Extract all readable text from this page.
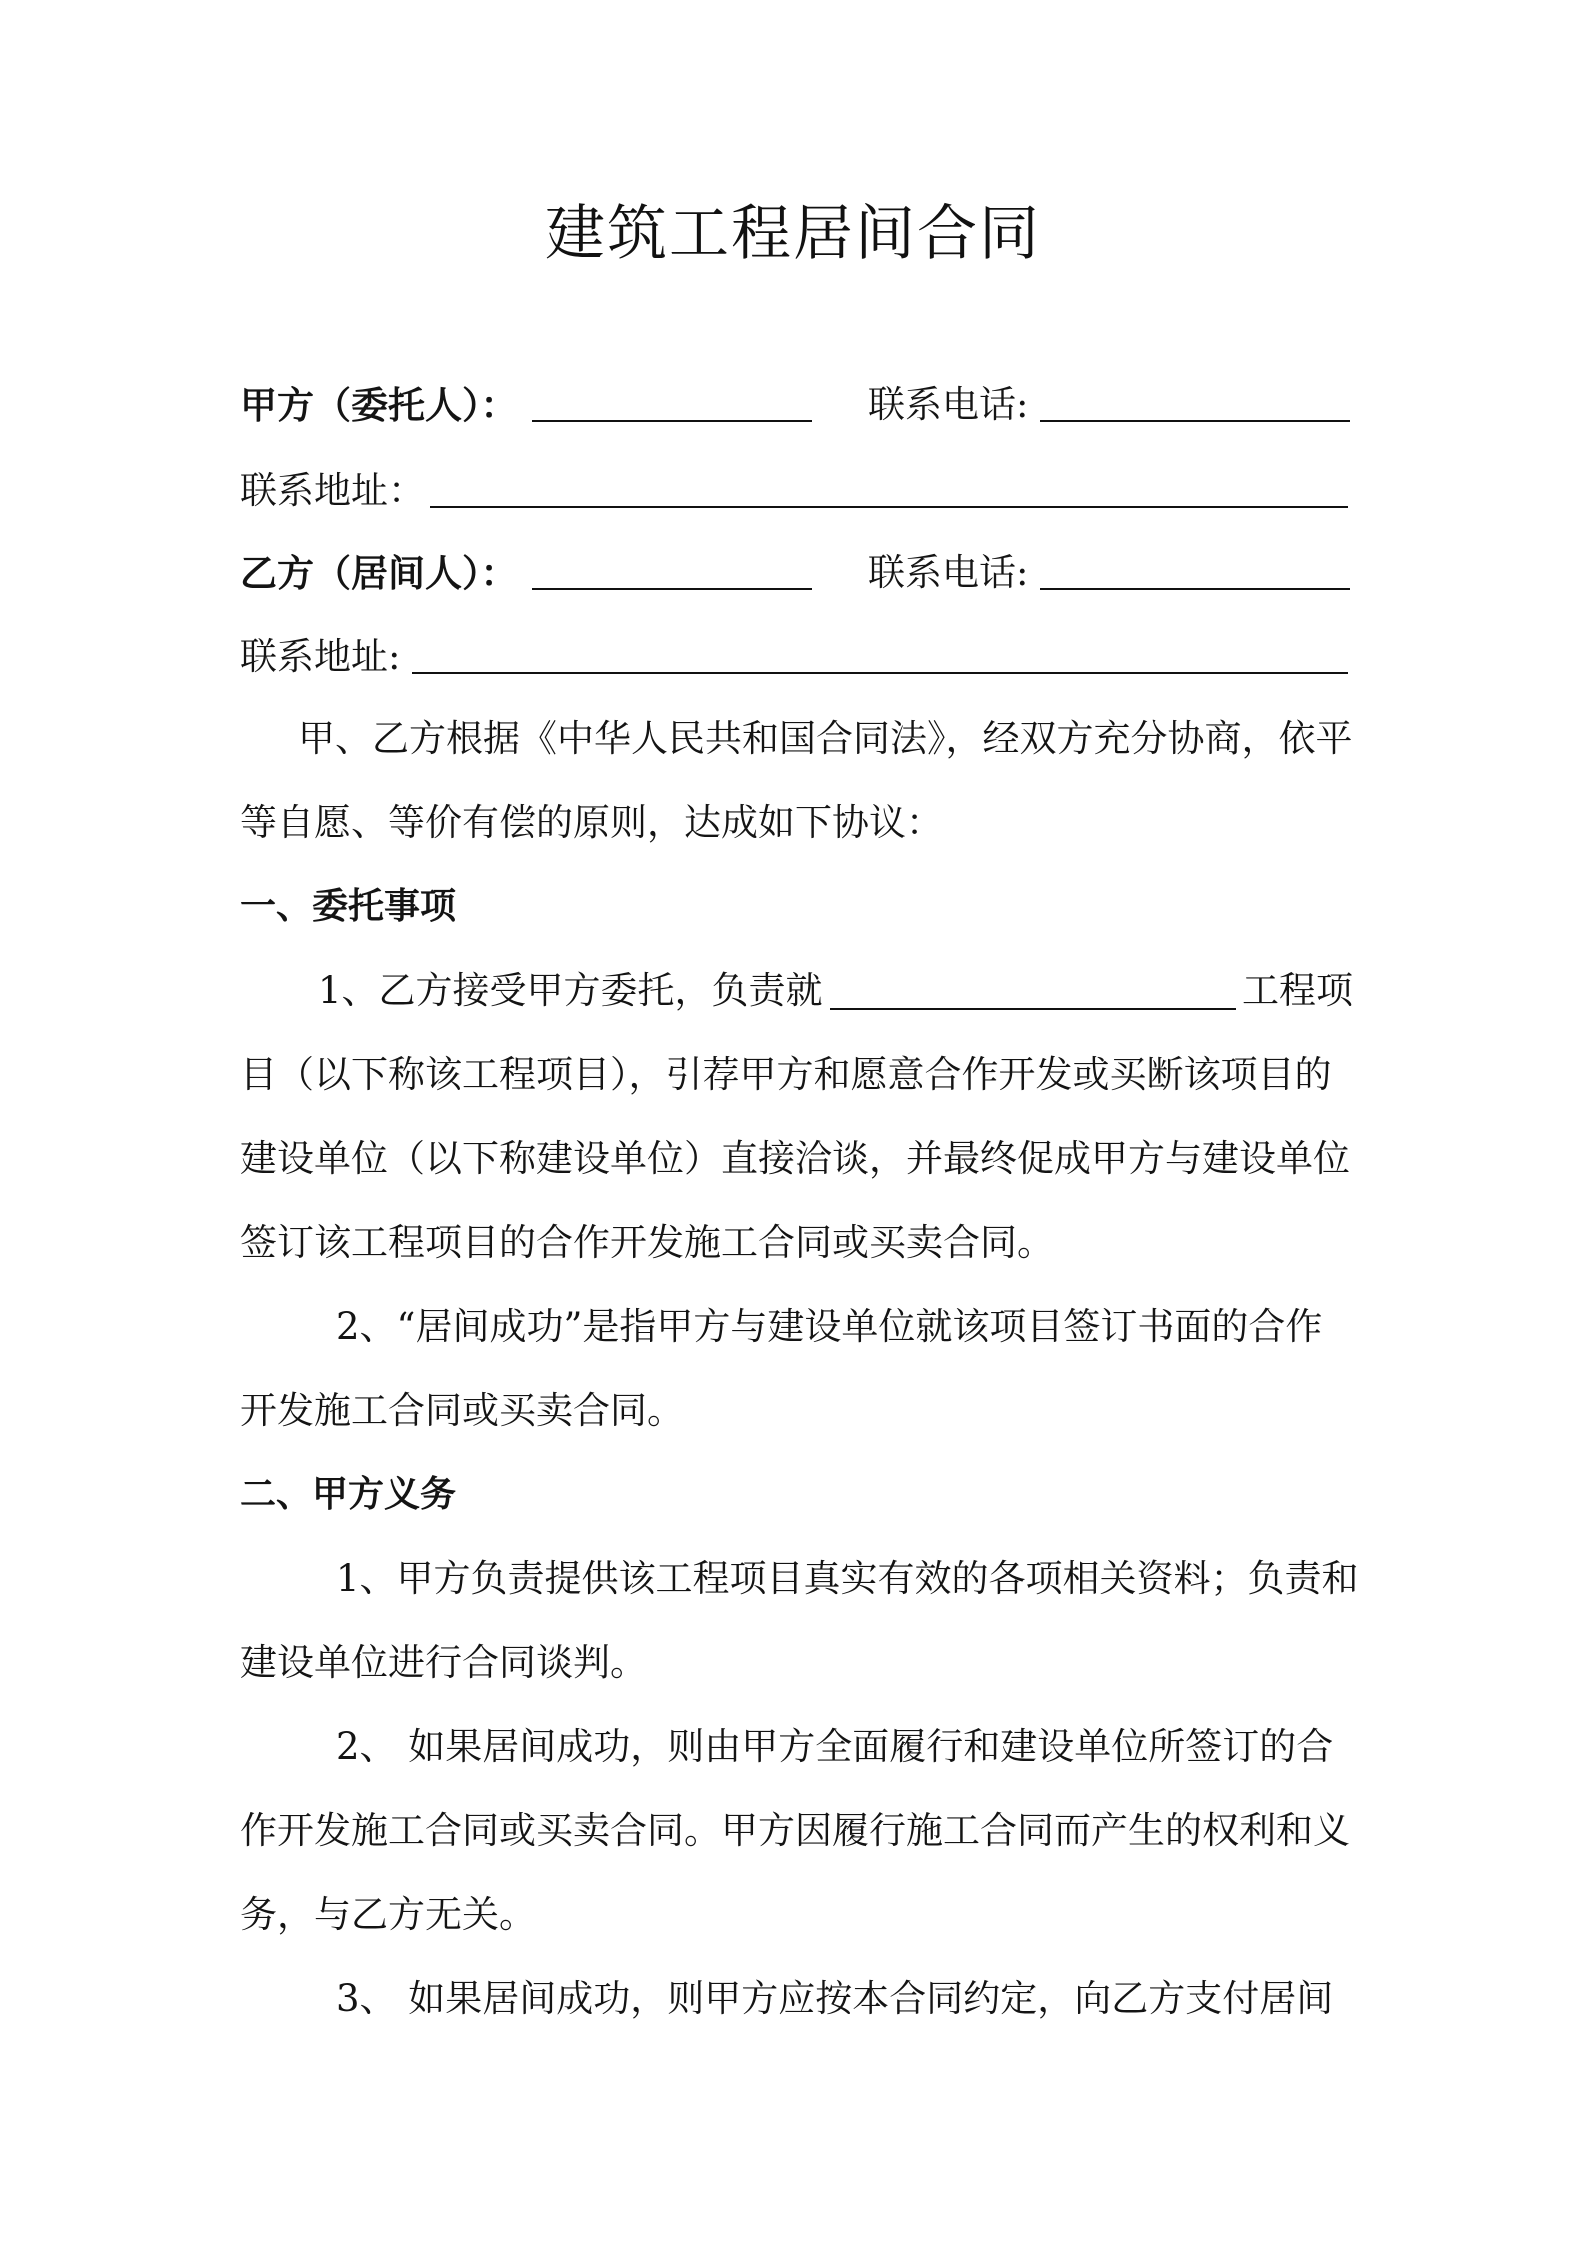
建筑工程居间合同
甲方（委托人）：	联系电话:
联系地址：
乙方（居间人）：	联系电话:
联系地址:
甲、乙方根据《中华人民共和国合同法》，经双方充分协商，依平
等自愿、等价有偿的原则，达成如下协议：
一、委托事项
1、乙方接受甲方委托，负责就	工程项
目（以下称该工程项目），引荐甲方和愿意合作开发或买断该项目的
建设单位（以下称建设单位）直接洽谈，并最终促成甲方与建设单位
签订该工程项目的合作开发施工合同或买卖合同。
2、“居间成功”是指甲方与建设单位就该项目签订书面的合作
开发施工合同或买卖合同。
二、甲方义务
1、甲方负责提供该工程项目真实有效的各项相关资料；负责和
建设单位进行合同谈判。
2、 如果居间成功，则由甲方全面履行和建设单位所签订的合
作开发施工合同或买卖合同。甲方因履行施工合同而产生的权利和义
务，与乙方无关。
3、 如果居间成功，则甲方应按本合同约定，向乙方支付居间
